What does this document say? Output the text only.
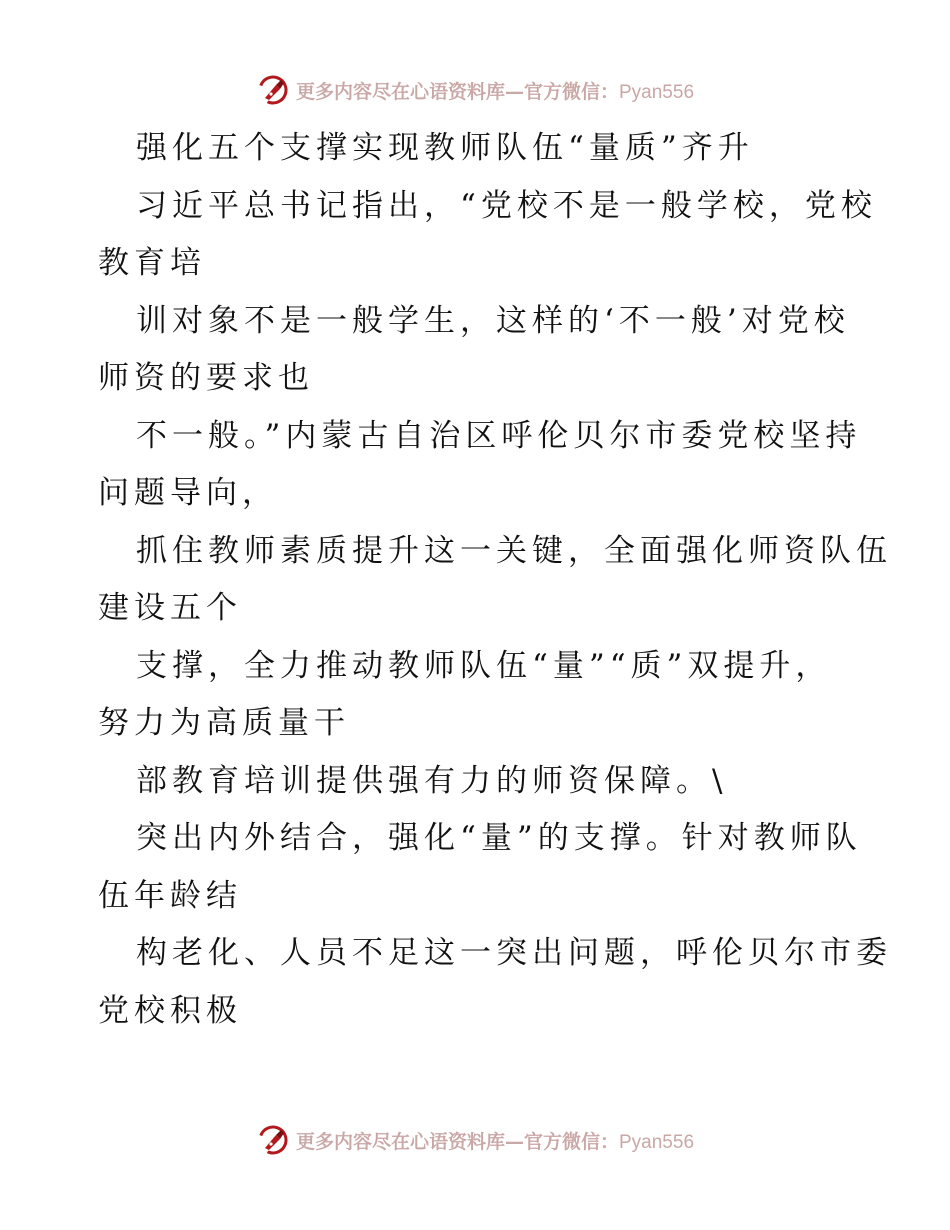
更多内容尽在心语资料库—官方微信：Pyan556
强化五个支撑实现教师队伍“量质”齐升
习近平总书记指出，“党校不是一般学校，党校
教育培
训对象不是一般学生，这样的‘不一般’对党校
师资的要求也
不一般。”内蒙古自治区呼伦贝尔市委党校坚持
问题导向，
抓住教师素质提升这一关键，全面强化师资队伍
建设五个
支撑，全力推动教师队伍“量”“质”双提升，
努力为高质量干
部教育培训提供强有力的师资保障。\
突出内外结合，强化“量”的支撑。针对教师队
伍年龄结
构老化、人员不足这一突出问题，呼伦贝尔市委
党校积极
更多内容尽在心语资料库—官方微信：Pyan556
